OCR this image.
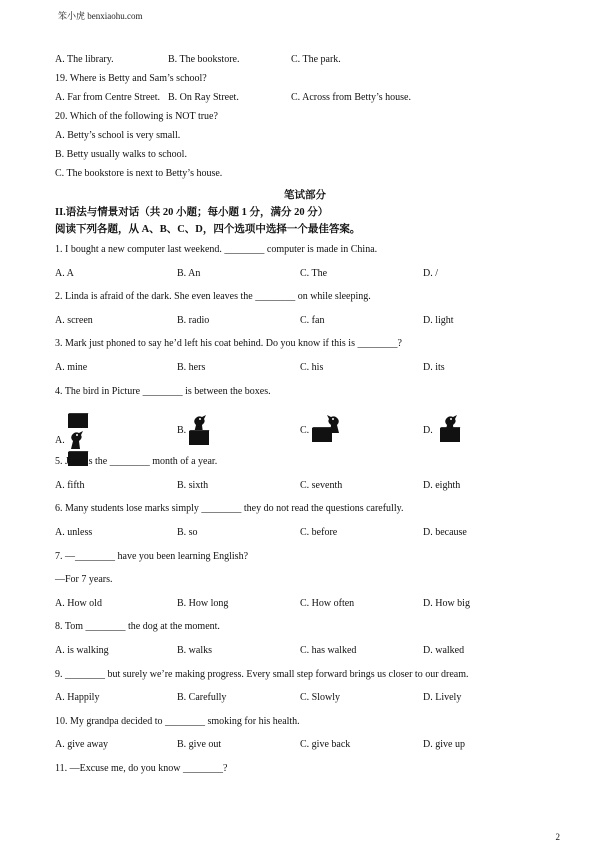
笨小虎 benxiaohu.com
A. The library.	B. The bookstore.	C. The park.
19. Where is Betty and Sam’s school?
A. Far from Centre Street. B. On Ray Street.	C. Across from Betty’s house.
20. Which of the following is NOT true?
A. Betty’s school is very small.
B. Betty usually walks to school.
C. The bookstore is next to Betty’s house.
笔试部分
II.语法与情景对话（共 20 小题；每小题 1 分，满分 20 分）
阅读下列各题，从 A、B、C、D，四个选项中选择一个最佳答案。
1. I bought a new computer last weekend. ________ computer is made in China.
A. A	B. An	C. The	D. /
2. Linda is afraid of the dark. She even leaves the ________ on while sleeping.
A. screen	B. radio	C. fan	D. light
3. Mark just phoned to say he’d left his coat behind. Do you know if this is ________?
A. mine	B. hers	C. his	D. its
4. The bird in Picture ________ is between the boxes.
A.
B.	C.	D.
5. June is the ________ month of a year.
A. fifth	B. sixth	C. seventh	D. eighth
6. Many students lose marks simply ________ they do not read the questions carefully.
A. unless	B. so	C. before	D. because
7. —________ have you been learning English?
—For 7 years.
A. How old	B. How long	C. How often	D. How big
8. Tom ________ the dog at the moment.
A. is walking	B. walks	C. has walked	D. walked
9. ________ but surely we’re making progress. Every small step forward brings us closer to our dream.
A. Happily	B. Carefully	C. Slowly	D. Lively
10. My grandpa decided to ________ smoking for his health.
A. give away	B. give out	C. give back	D. give up
11. —Excuse me, do you know ________?
2
